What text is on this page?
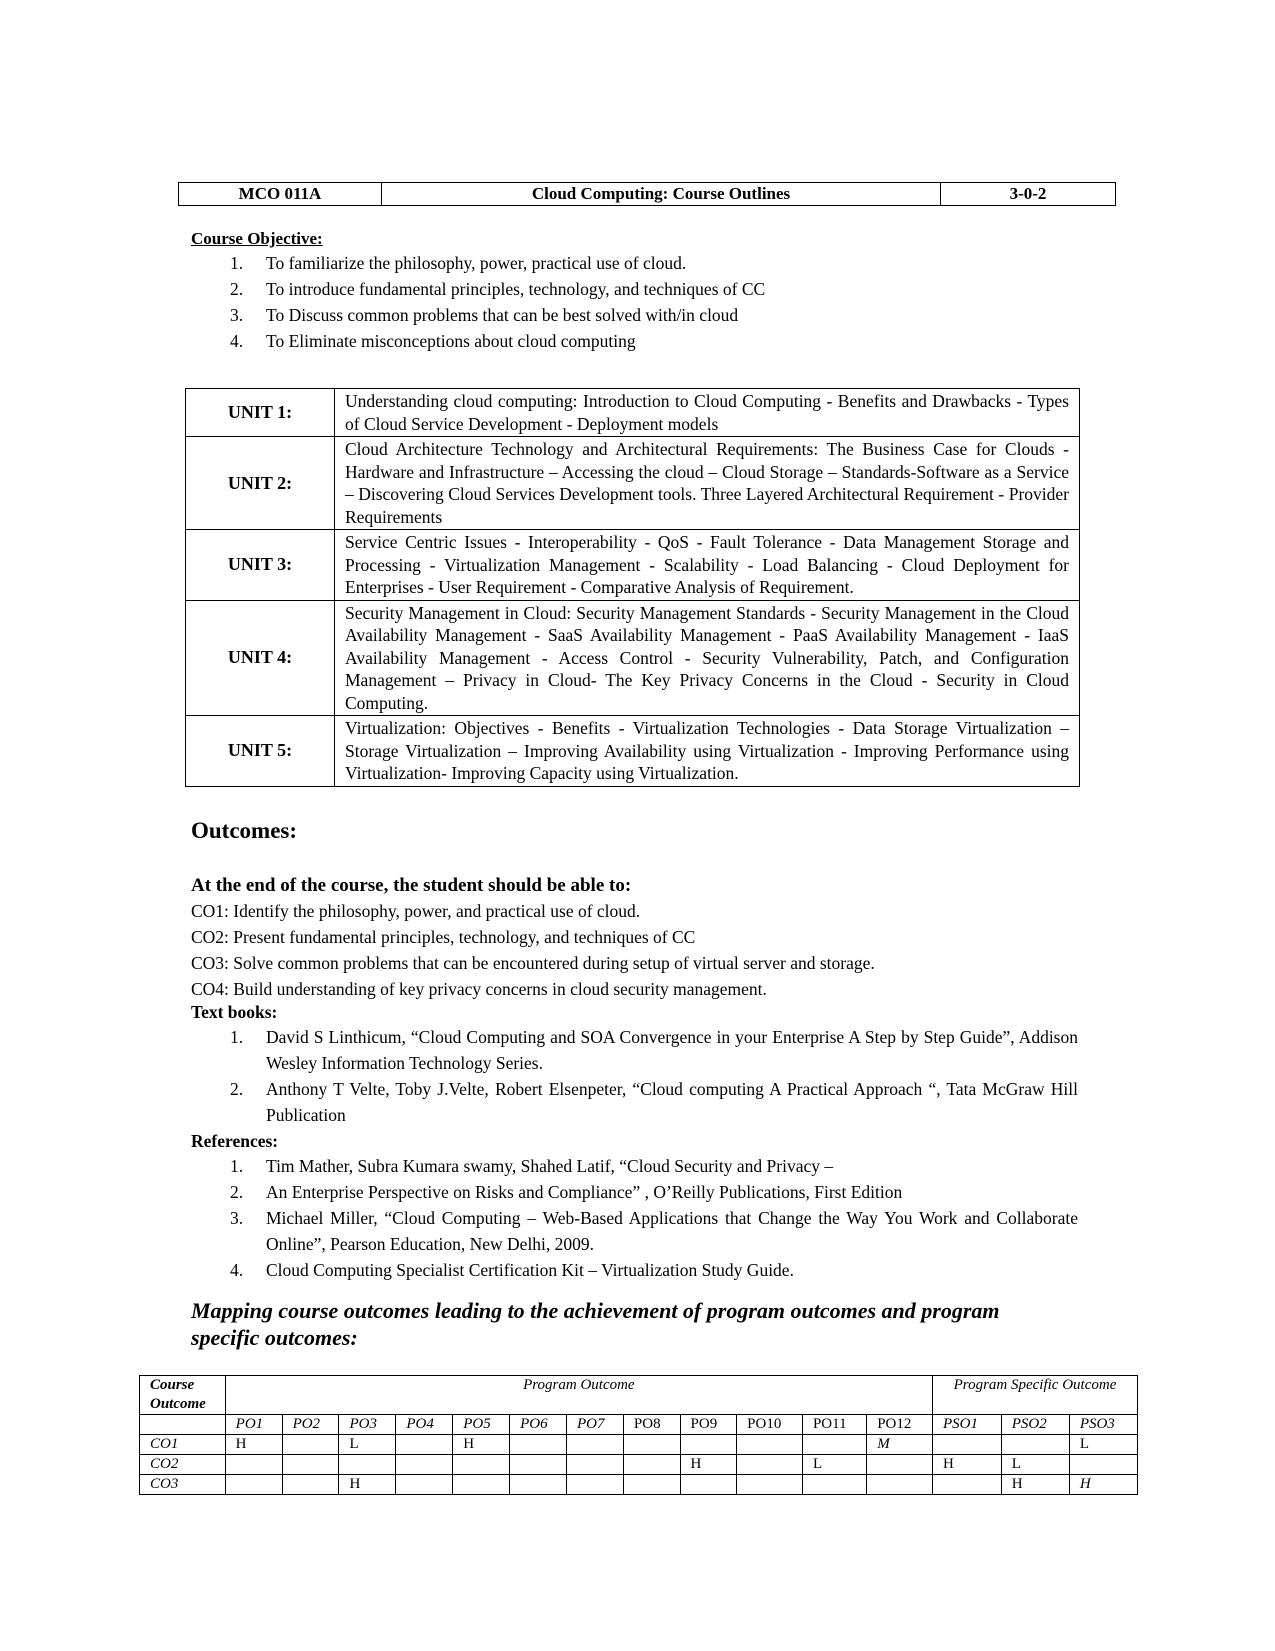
MCO 011A	Cloud Computing: Course Outlines	3-0-2
Course Objective:
1.	To familiarize the philosophy, power, practical use of cloud.
2.	To introduce fundamental principles, technology, and techniques of CC
3.	To Discuss common problems that can be best solved with/in cloud
4.	To Eliminate misconceptions about cloud computing
UNIT 1:	Understanding cloud computing: Introduction to Cloud Computing - Benefits and Drawbacks - Types of Cloud Service Development - Deployment models
UNIT 2:	Cloud Architecture Technology and Architectural Requirements: The Business Case for Clouds - Hardware and Infrastructure – Accessing the cloud – Cloud Storage – Standards-Software as a Service – Discovering Cloud Services Development tools. Three Layered Architectural Requirement - Provider Requirements
UNIT 3:	Service Centric Issues - Interoperability - QoS - Fault Tolerance - Data Management Storage and Processing - Virtualization Management - Scalability - Load Balancing - Cloud Deployment for Enterprises - User Requirement - Comparative Analysis of Requirement.
UNIT 4:	Security Management in Cloud: Security Management Standards - Security Management in the Cloud Availability Management - SaaS Availability Management - PaaS Availability Management - IaaS Availability Management - Access Control - Security Vulnerability, Patch, and Configuration Management – Privacy in Cloud- The Key Privacy Concerns in the Cloud - Security in Cloud Computing.
UNIT 5:	Virtualization: Objectives - Benefits - Virtualization Technologies - Data Storage Virtualization – Storage Virtualization – Improving Availability using Virtualization - Improving Performance using Virtualization- Improving Capacity using Virtualization.
Outcomes:
At the end of the course, the student should be able to:
CO1: Identify the philosophy, power, and practical use of cloud.
CO2: Present fundamental principles, technology, and techniques of CC
CO3: Solve common problems that can be encountered during setup of virtual server and storage.
CO4: Build understanding of key privacy concerns in cloud security management.
Text books:
1.	David S Linthicum, “Cloud Computing and SOA Convergence in your Enterprise A Step by Step Guide”, Addison Wesley Information Technology Series.
2.	Anthony T Velte, Toby J.Velte, Robert Elsenpeter, “Cloud computing A Practical Approach “, Tata McGraw Hill Publication
References:
1.	Tim Mather, Subra Kumara swamy, Shahed Latif, “Cloud Security and Privacy –
2.	An Enterprise Perspective on Risks and Compliance” , O’Reilly Publications, First Edition
3.	Michael Miller, “Cloud Computing – Web-Based Applications that Change the Way You Work and Collaborate Online”, Pearson Education, New Delhi, 2009.
4.	Cloud Computing Specialist Certification Kit – Virtualization Study Guide.
Mapping course outcomes leading to the achievement of program outcomes and program specific outcomes:
Course Outcome	Program Outcome												Program Specific Outcome		
	PO1	PO2	PO3	PO4	PO5	PO6	PO7	PO8	PO9	PO10	PO11	PO12	PSO1	PSO2	PSO3
CO1	H		L		H							M			L
CO2									H		L		H	L	
CO3			H											H	H
